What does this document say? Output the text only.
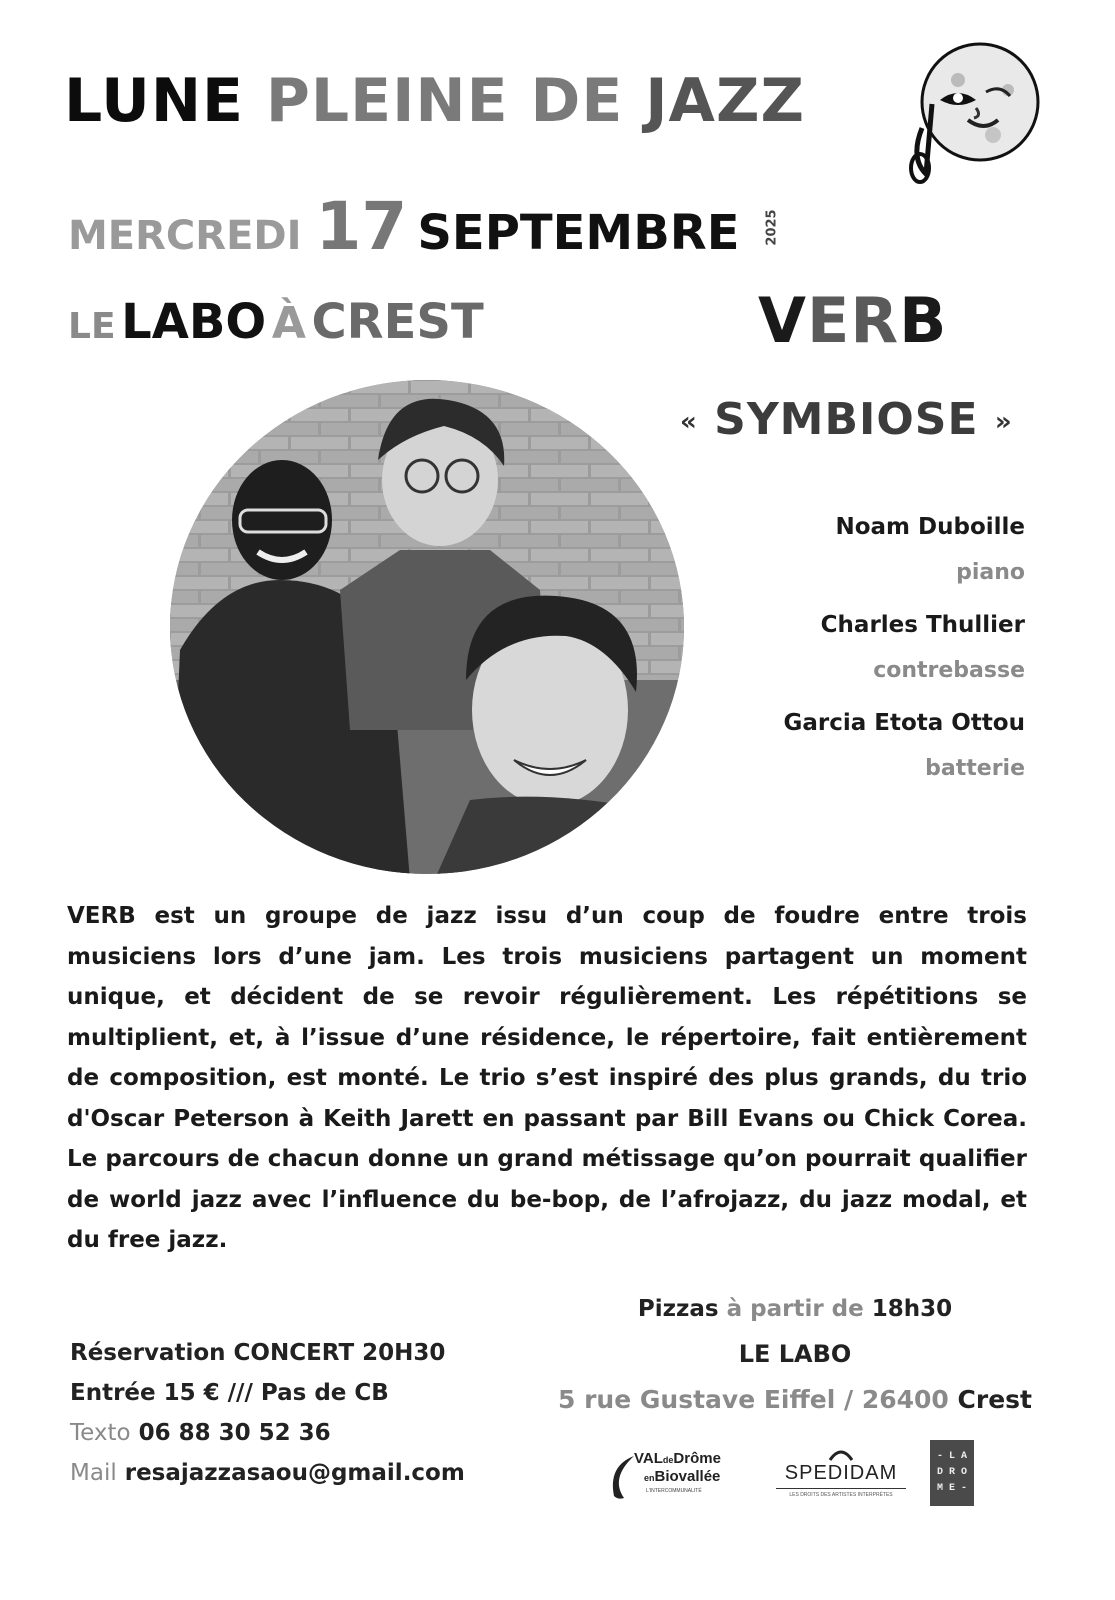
LUNE PLEINE DE JAZZ
MERCREDI 17 SEPTEMBRE 2025
LE LABO À CREST	VERB
« SYMBIOSE »
Noam Duboille
piano
Charles Thullier
contrebasse
Garcia Etota Ottou
batterie
VERB est un groupe de jazz issu d’un coup de foudre entre trois musiciens lors d’une jam. Les trois musiciens partagent un moment unique, et décident de se revoir régulièrement. Les répétitions se multiplient, et, à l’issue d’une résidence, le répertoire, fait entièrement de composition, est monté. Le trio s’est inspiré des plus grands, du trio d'Oscar Peterson à Keith Jarett en passant par Bill Evans ou Chick Corea. Le parcours de chacun donne un grand métissage qu’on pourrait qualifier de world jazz avec l’influence du be-bop, de l’afrojazz, du jazz modal, et du free jazz.
Pizzas à partir de 18h30
LE LABO
5 rue Gustave Eiffel / 26400 Crest
Réservation CONCERT 20H30
Entrée 15 € /// Pas de CB
Texto 06 88 30 52 36
Mail resajazzasaou@gmail.com
VALdeDrôme
enBiovallée
L'INTERCOMMUNALITÉ
SPEDIDAM
LES DROITS DES ARTISTES INTERPRÈTES
- L A
D R O
M E -
